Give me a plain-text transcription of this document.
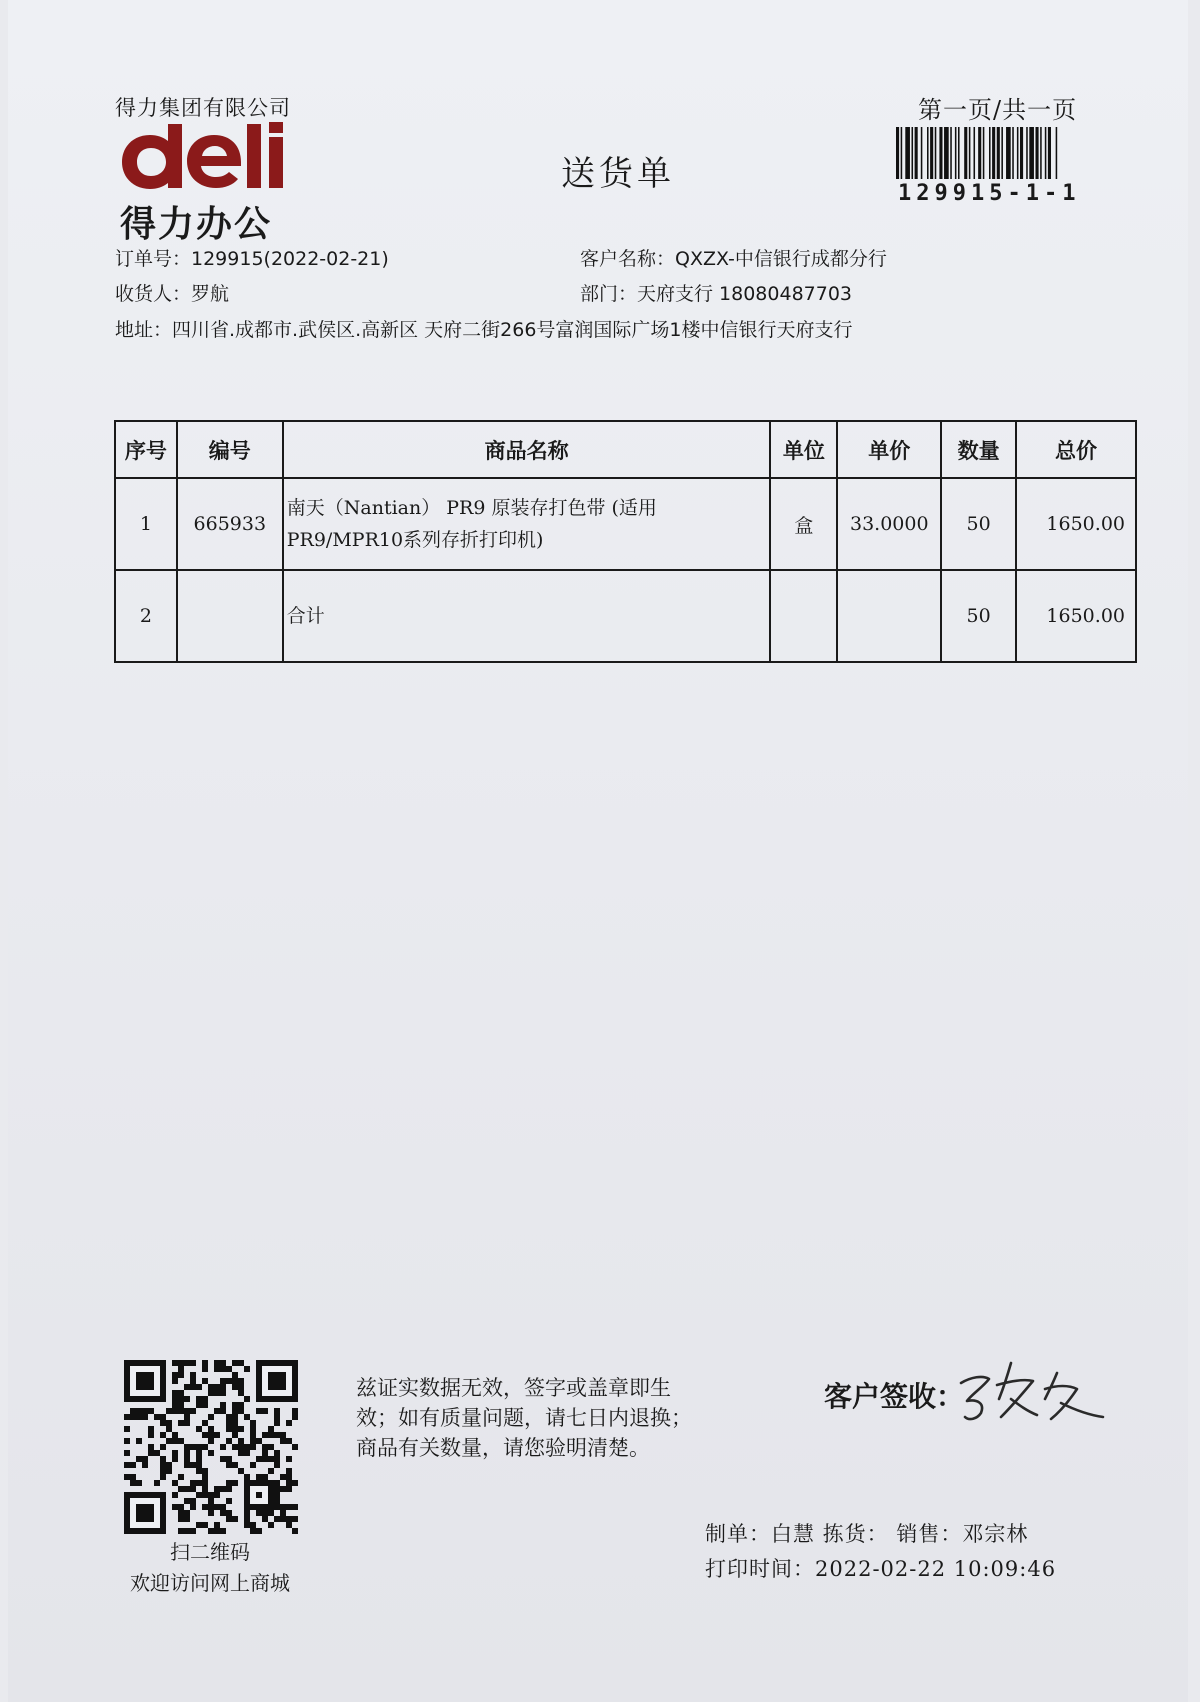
得力集团有限公司
得力办公
送货单
第一页/共一页
129915-1-1
订单号：129915(2022-02-21)	客户名称：QXZX-中信银行成都分行
收货人：罗航	部门：天府支行 18080487703
地址：四川省.成都市.武侯区.高新区 天府二街266号富润国际广场1楼中信银行天府支行
序号	编号	商品名称	单位	单价	数量	总价
1	665933	南天（Nantian） PR9 原装存打色带 (适用
PR9/MPR10系列存折打印机)	盒	33.0000	50	1650.00
2		合计			50	1650.00
扫二维码
欢迎访问网上商城
兹证实数据无效，签字或盖章即生
效；如有质量问题，请七日内退换；
商品有关数量，请您验明清楚。
客户签收：
制单：白慧 拣货： 销售：邓宗林
打印时间：2022-02-22 10:09:46
